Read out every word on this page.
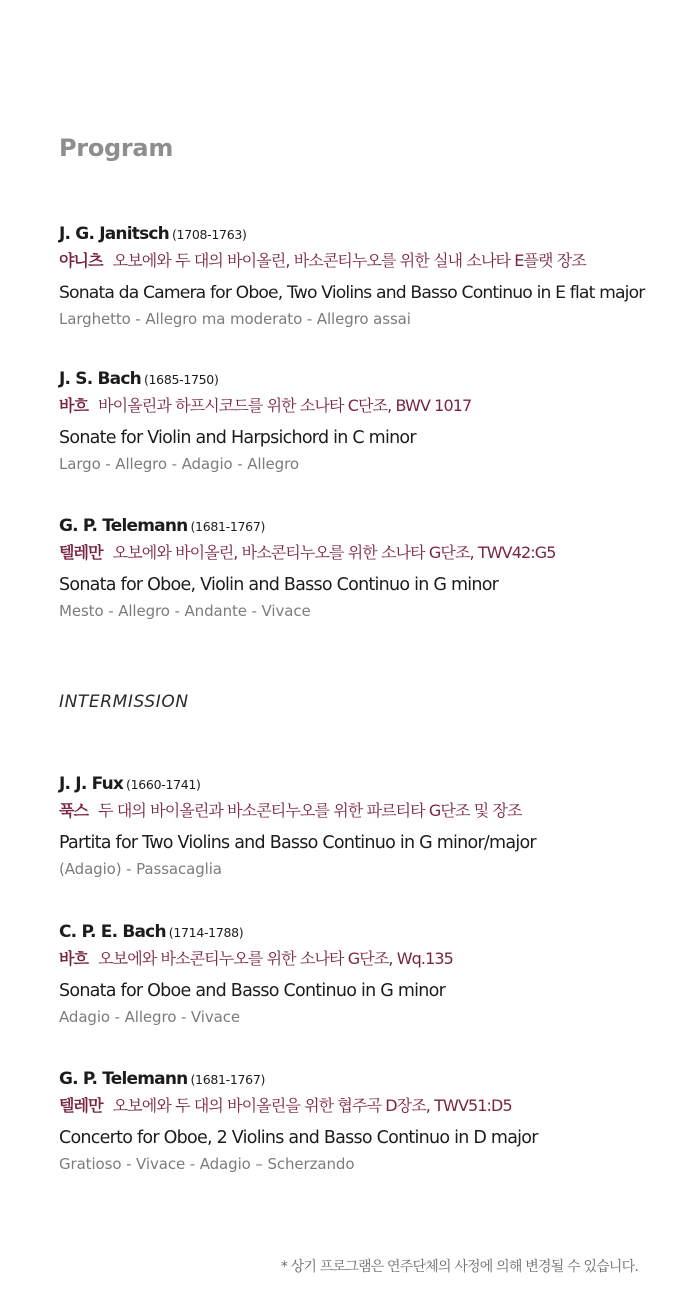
Program
J. G. Janitsch (1708-1763)
야니츠 오보에와 두 대의 바이올린, 바소콘티누오를 위한 실내 소나타 E플랫 장조
Sonata da Camera for Oboe, Two Violins and Basso Continuo in E flat major
Larghetto - Allegro ma moderato - Allegro assai
J. S. Bach (1685-1750)
바흐 바이올린과 하프시코드를 위한 소나타 C단조, BWV 1017
Sonate for Violin and Harpsichord in C minor
Largo - Allegro - Adagio - Allegro
G. P. Telemann (1681-1767)
텔레만 오보에와 바이올린, 바소콘티누오를 위한 소나타 G단조, TWV42:G5
Sonata for Oboe, Violin and Basso Continuo in G minor
Mesto - Allegro - Andante - Vivace
INTERMISSION
J. J. Fux (1660-1741)
푹스 두 대의 바이올린과 바소콘티누오를 위한 파르티타 G단조 및 장조
Partita for Two Violins and Basso Continuo in G minor/major
(Adagio) - Passacaglia
C. P. E. Bach (1714-1788)
바흐 오보에와 바소콘티누오를 위한 소나타 G단조, Wq.135
Sonata for Oboe and Basso Continuo in G minor
Adagio - Allegro - Vivace
G. P. Telemann (1681-1767)
텔레만 오보에와 두 대의 바이올린을 위한 협주곡 D장조, TWV51:D5
Concerto for Oboe, 2 Violins and Basso Continuo in D major
Gratioso - Vivace - Adagio – Scherzando
* 상기 프로그램은 연주단체의 사정에 의해 변경될 수 있습니다.
